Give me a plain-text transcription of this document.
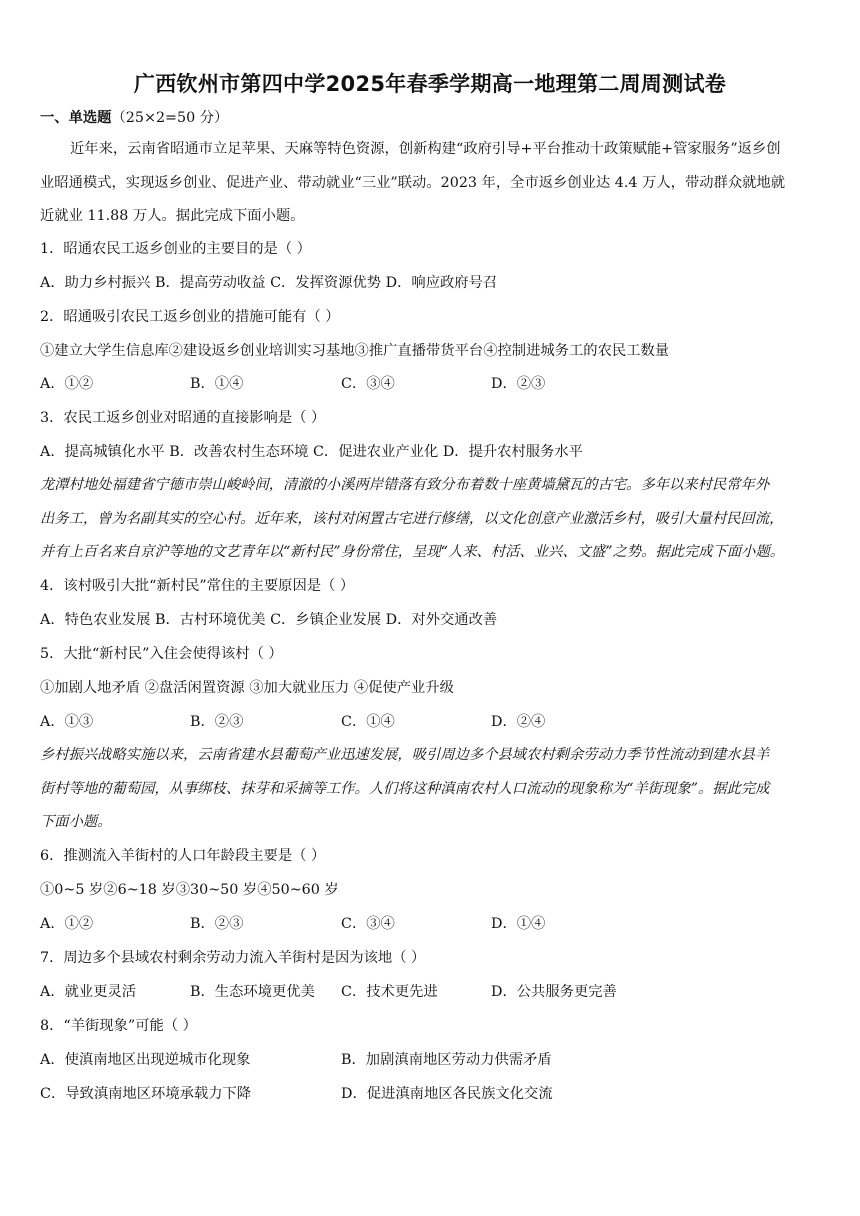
广西钦州市第四中学2025年春季学期高一地理第二周周测试卷
一、单选题（25×2=50 分）
近年来，云南省昭通市立足苹果、天麻等特色资源，创新构建“政府引导+平台推动十政策赋能+管家服务”返乡创
业昭通模式，实现返乡创业、促进产业、带动就业“三业”联动。2023 年，全市返乡创业达 4.4 万人，带动群众就地就
近就业 11.88 万人。据此完成下面小题。
1．昭通农民工返乡创业的主要目的是（ ）
A．助力乡村振兴 B．提高劳动收益 C．发挥资源优势 D．响应政府号召
2．昭通吸引农民工返乡创业的措施可能有（ ）
①建立大学生信息库②建设返乡创业培训实习基地③推广直播带货平台④控制进城务工的农民工数量
A．①②	B．①④	C．③④	D．②③
3．农民工返乡创业对昭通的直接影响是（ ）
A．提高城镇化水平 B．改善农村生态环境 C．促进农业产业化 D．提升农村服务水平
龙潭村地处福建省宁德市崇山峻岭间，清澈的小溪两岸错落有致分布着数十座黄墙黛瓦的古宅。多年以来村民常年外
出务工，曾为名副其实的空心村。近年来，该村对闲置古宅进行修缮，以文化创意产业激活乡村，吸引大量村民回流，
并有上百名来自京沪等地的文艺青年以“新村民”身份常住，呈现“人来、村活、业兴、文盛”之势。据此完成下面小题。
4．该村吸引大批“新村民”常住的主要原因是（ ）
A．特色农业发展 B．古村环境优美 C．乡镇企业发展 D．对外交通改善
5．大批“新村民”入住会使得该村（ ）
①加剧人地矛盾 ②盘活闲置资源 ③加大就业压力 ④促使产业升级
A．①③	B．②③	C．①④	D．②④
乡村振兴战略实施以来，云南省建水县葡萄产业迅速发展，吸引周边多个县域农村剩余劳动力季节性流动到建水县羊
街村等地的葡萄园，从事绑枝、抹芽和采摘等工作。人们将这种滇南农村人口流动的现象称为“羊街现象”。据此完成
下面小题。
6．推测流入羊街村的人口年龄段主要是（ ）
①0~5 岁②6~18 岁③30~50 岁④50~60 岁
A．①②	B．②③	C．③④	D．①④
7．周边多个县域农村剩余劳动力流入羊街村是因为该地（ ）
A．就业更灵活	B．生态环境更优美 C．技术更先进	D．公共服务更完善
8．“羊街现象”可能（ ）
A．使滇南地区出现逆城市化现象	B．加剧滇南地区劳动力供需矛盾
C．导致滇南地区环境承载力下降	D．促进滇南地区各民族文化交流
